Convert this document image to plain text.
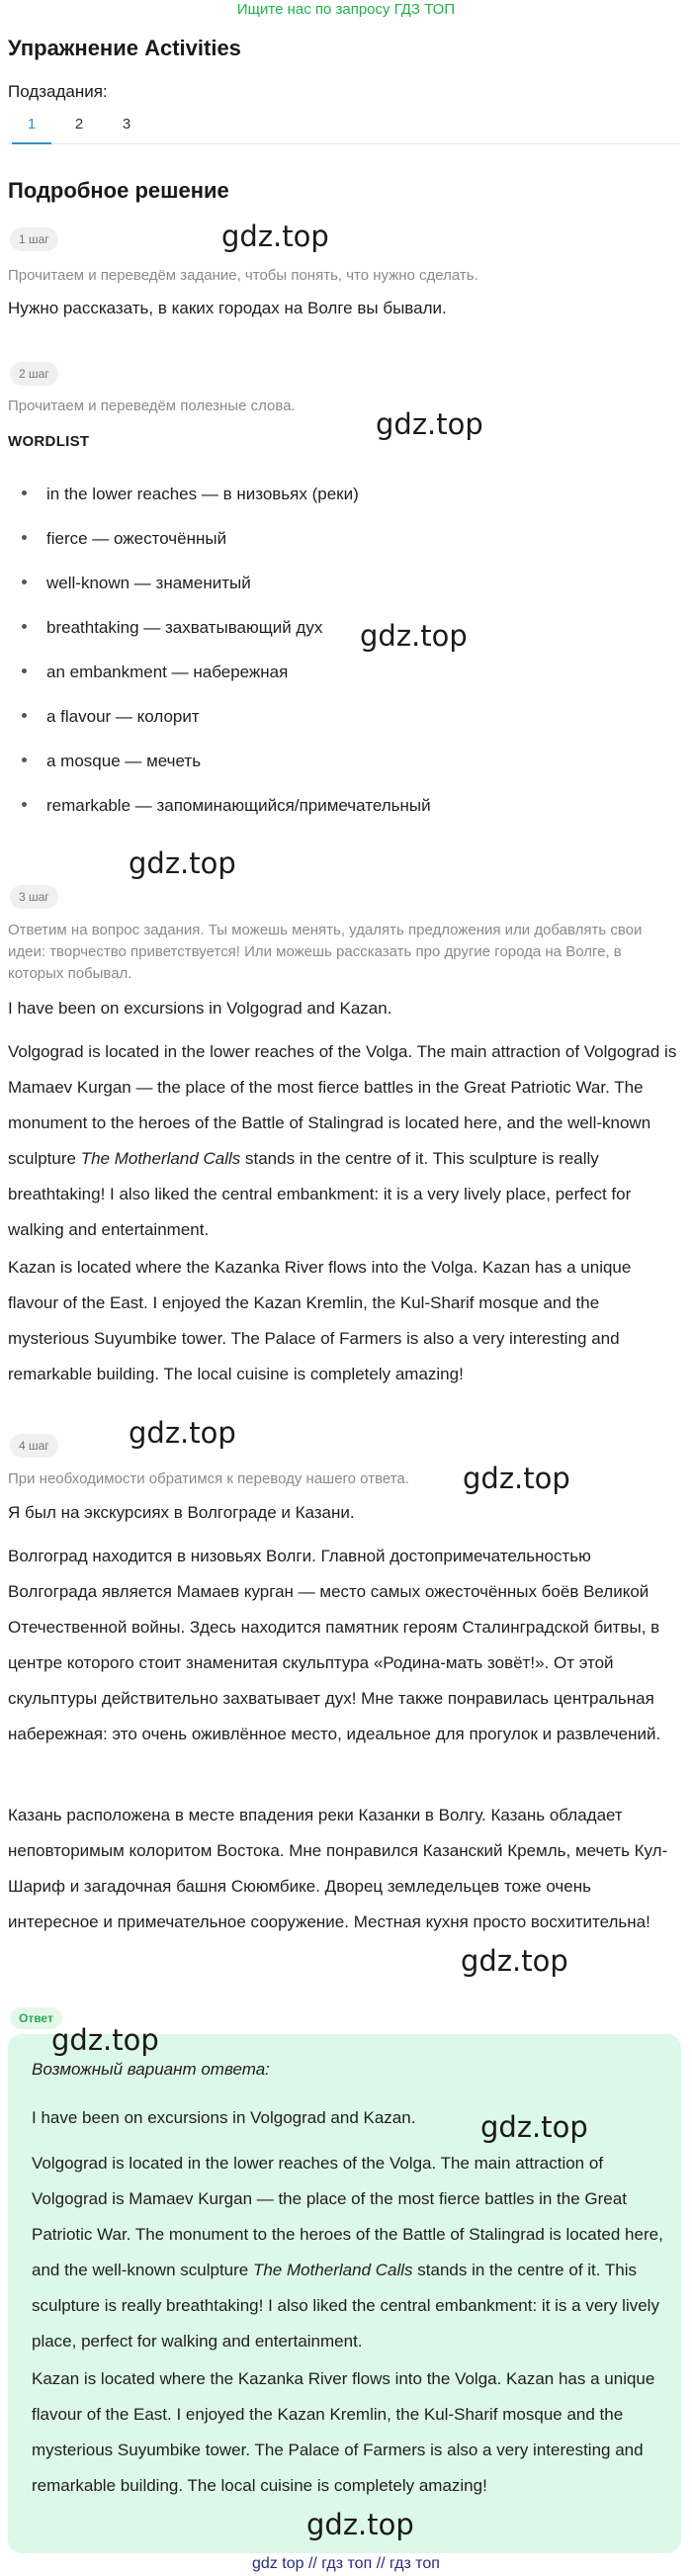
Ищите нас по запросу ГДЗ ТОП
Упражнение Activities
Подзадания:
1	2	3
Подробное решение
1 шаг
Прочитаем и переведём задание, чтобы понять, что нужно сделать.
Нужно рассказать, в каких городах на Волге вы бывали.
2 шаг
Прочитаем и переведём полезные слова.
WORDLIST
in the lower reaches — в низовьях (реки)
fierce — ожесточённый
well-known — знаменитый
breathtaking — захватывающий дух
an embankment — набережная
a flavour — колорит
a mosque — мечеть
remarkable — запоминающийся/примечательный
3 шаг
Ответим на вопрос задания. Ты можешь менять, удалять предложения или добавлять свои идеи: творчество приветствуется! Или можешь рассказать про другие города на Волге, в которых побывал.
I have been on excursions in Volgograd and Kazan.
Volgograd is located in the lower reaches of the Volga. The main attraction of Volgograd is Mamaev Kurgan — the place of the most fierce battles in the Great Patriotic War. The monument to the heroes of the Battle of Stalingrad is located here, and the well-known sculpture The Motherland Calls stands in the centre of it. This sculpture is really breathtaking! I also liked the central embankment: it is a very lively place, perfect for walking and entertainment.
Kazan is located where the Kazanka River flows into the Volga. Kazan has a unique flavour of the East. I enjoyed the Kazan Kremlin, the Kul-Sharif mosque and the mysterious Suyumbike tower. The Palace of Farmers is also a very interesting and remarkable building. The local cuisine is completely amazing!
4 шаг
При необходимости обратимся к переводу нашего ответа.
Я был на экскурсиях в Волгограде и Казани.
Волгоград находится в низовьях Волги. Главной достопримечательностью Волгограда является Мамаев курган — место самых ожесточённых боёв Великой Отечественной войны. Здесь находится памятник героям Сталинградской битвы, в центре которого стоит знаменитая скульптура «Родина-мать зовёт!». От этой скульптуры действительно захватывает дух! Мне также понравилась центральная набережная: это очень оживлённое место, идеальное для прогулок и развлечений.
Казань расположена в месте впадения реки Казанки в Волгу. Казань обладает неповторимым колоритом Востока. Мне понравился Казанский Кремль, мечеть Кул-Шариф и загадочная башня Сююмбике. Дворец земледельцев тоже очень интересное и примечательное сооружение. Местная кухня просто восхитительна!
Ответ
Возможный вариант ответа:
I have been on excursions in Volgograd and Kazan.
Volgograd is located in the lower reaches of the Volga. The main attraction of Volgograd is Mamaev Kurgan — the place of the most fierce battles in the Great Patriotic War. The monument to the heroes of the Battle of Stalingrad is located here, and the well-known sculpture The Motherland Calls stands in the centre of it. This sculpture is really breathtaking! I also liked the central embankment: it is a very lively place, perfect for walking and entertainment.
Kazan is located where the Kazanka River flows into the Volga. Kazan has a unique flavour of the East. I enjoyed the Kazan Kremlin, the Kul-Sharif mosque and the mysterious Suyumbike tower. The Palace of Farmers is also a very interesting and remarkable building. The local cuisine is completely amazing!
gdz.top
gdz.top
gdz.top
gdz.top
gdz.top
gdz.top
gdz.top
gdz.top
gdz.top
gdz.top
gdz top // гдз топ // гдз топ
